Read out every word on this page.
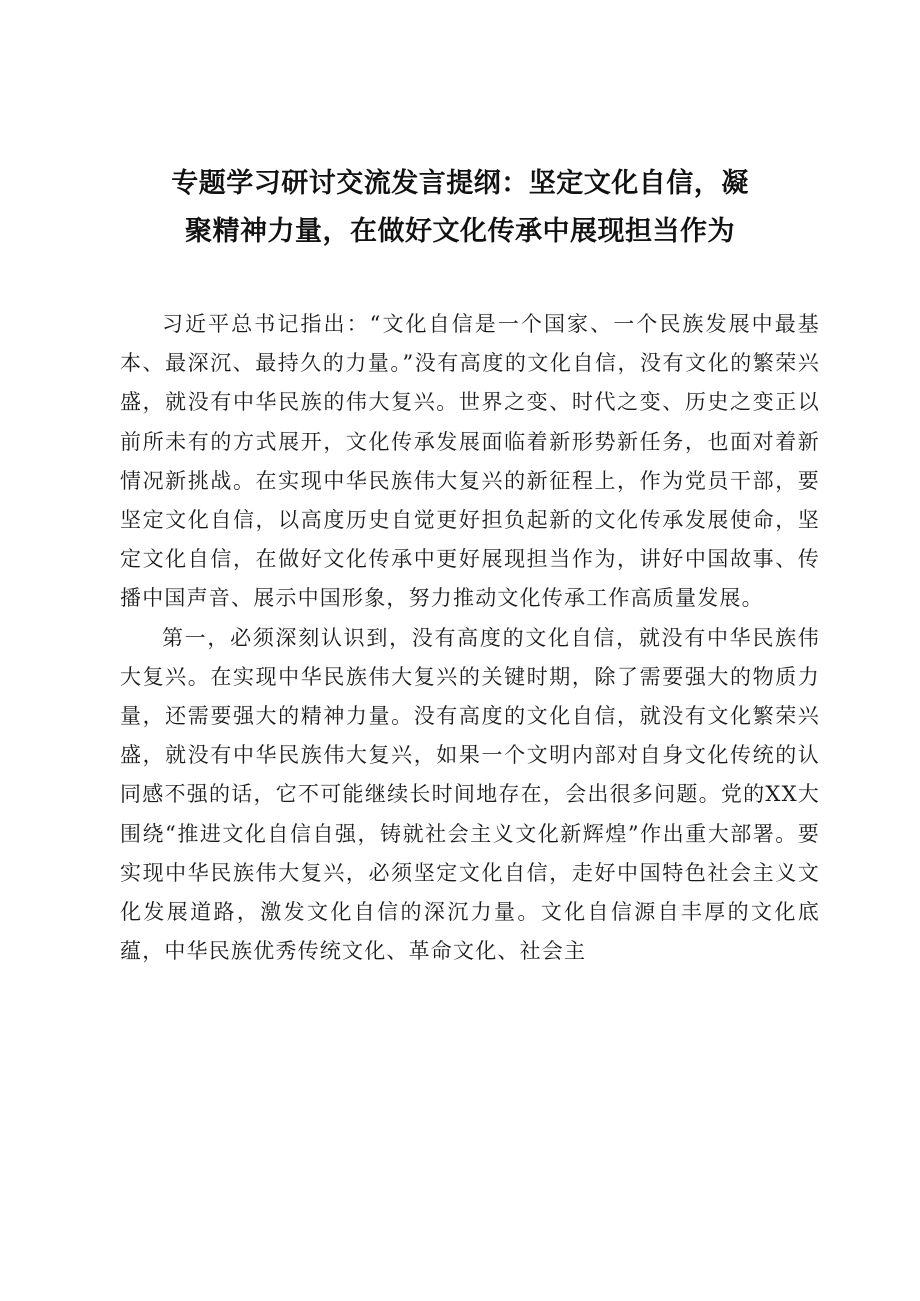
专题学习研讨交流发言提纲：坚定文化自信，凝
聚精神力量，在做好文化传承中展现担当作为

习近平总书记指出：“文化自信是一个国家、一个民族发展中最基本、最深沉、最持久的力量。”没有高度的文化自信，没有文化的繁荣兴盛，就没有中华民族的伟大复兴。世界之变、时代之变、历史之变正以前所未有的方式展开，文化传承发展面临着新形势新任务，也面对着新情况新挑战。在实现中华民族伟大复兴的新征程上，作为党员干部，要坚定文化自信，以高度历史自觉更好担负起新的文化传承发展使命，坚定文化自信，在做好文化传承中更好展现担当作为，讲好中国故事、传播中国声音、展示中国形象，努力推动文化传承工作高质量发展。

第一，必须深刻认识到，没有高度的文化自信，就没有中华民族伟大复兴。在实现中华民族伟大复兴的关键时期，除了需要强大的物质力量，还需要强大的精神力量。没有高度的文化自信，就没有文化繁荣兴盛，就没有中华民族伟大复兴，如果一个文明内部对自身文化传统的认同感不强的话，它不可能继续长时间地存在，会出很多问题。党的XX大围绕“推进文化自信自强，铸就社会主义文化新辉煌”作出重大部署。要实现中华民族伟大复兴，必须坚定文化自信，走好中国特色社会主义文化发展道路，激发文化自信的深沉力量。文化自信源自丰厚的文化底蕴，中华民族优秀传统文化、革命文化、社会主
